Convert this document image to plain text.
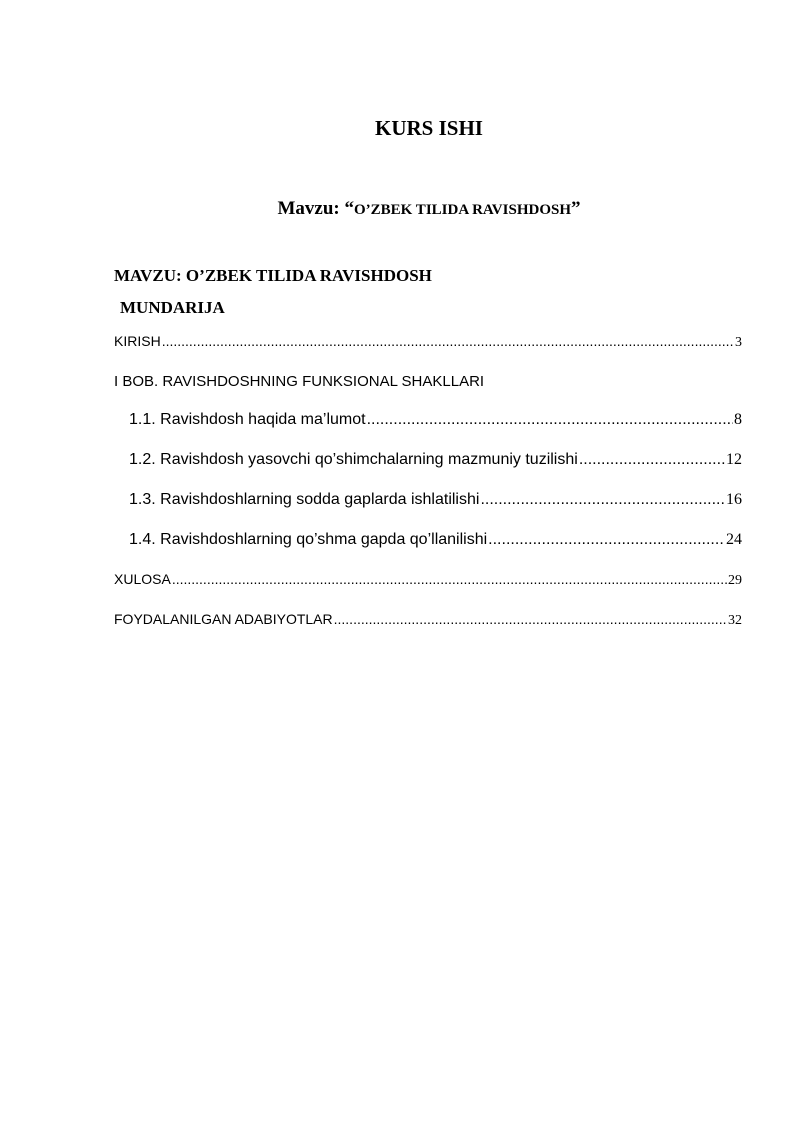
KURS ISHI
Mavzu: “O’ZBEK TILIDA RAVISHDOSH”
MAVZU: O’ZBEK TILIDA RAVISHDOSH
MUNDARIJA
KIRISH .....	3
I BOB. RAVISHDOSHNING FUNKSIONAL SHAKLLARI
1.1. Ravishdosh haqida ma’lumot .....	8
1.2. Ravishdosh yasovchi qo’shimchalarning mazmuniy tuzilishi .....	12
1.3. Ravishdoshlarning sodda gaplarda ishlatilishi .....	16
1.4. Ravishdoshlarning qo’shma gapda qo’llanilishi .....	24
XULOSA .....	29
FOYDALANILGAN ADABIYOTLAR .....	32
